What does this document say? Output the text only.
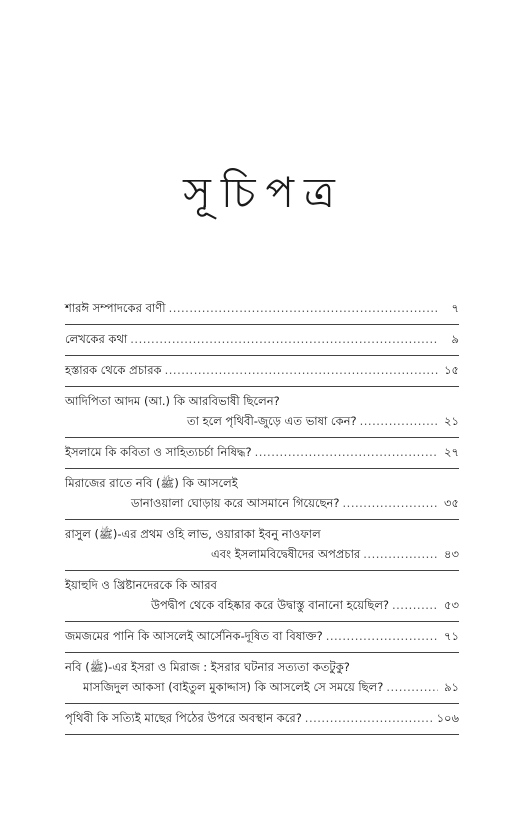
সূচিপত্র
শারঈ সম্পাদকের বাণী .....	৭
লেখকের কথা .....	৯
হস্তারক থেকে প্রচারক .....	১৫
আদিপিতা আদম (আ.) কি আরবিভাষী ছিলেন?
তা হলে পৃথিবী-জুড়ে এত ভাষা কেন? .....	২১
ইসলামে কি কবিতা ও সাহিত্যচর্চা নিষিদ্ধ? .....	২৭
মিরাজের রাতে নবি (ﷺ) কি আসলেই
ডানাওয়ালা ঘোড়ায় করে আসমানে গিয়েছেন? .....	৩৫
রাসুল (ﷺ)-এর প্রথম ওহি লাভ, ওয়ারাকা ইবনু নাওফাল
এবং ইসলামবিদ্বেষীদের অপপ্রচার .....	৪৩
ইয়াহুদি ও খ্রিষ্টানদেরকে কি আরব
উপদ্বীপ থেকে বহিষ্কার করে উদ্বাস্তু বানানো হয়েছিল? .....	৫৩
জমজমের পানি কি আসলেই আর্সেনিক-দূষিত বা বিষাক্ত? .....	৭১
নবি (ﷺ)-এর ইসরা ও মিরাজ : ইসরার ঘটনার সত্যতা কতটুকু?
মাসজিদুল আকসা (বাইতুল মুকাদ্দাস) কি আসলেই সে সময়ে ছিল? .....	৯১
পৃথিবী কি সত্যিই মাছের পিঠের উপরে অবস্থান করে? .....	১০৬
